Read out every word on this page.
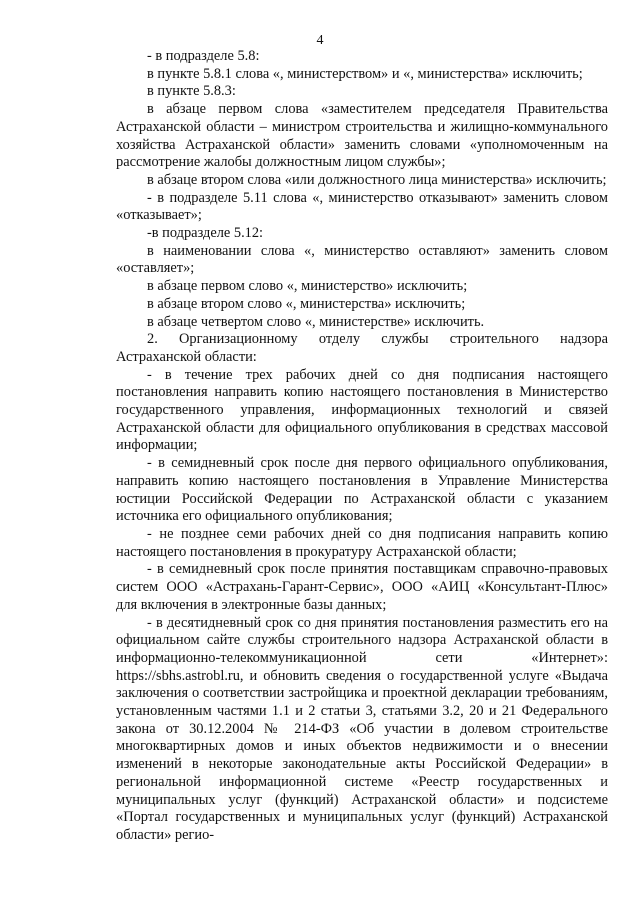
4

- в подразделе 5.8:

в пункте 5.8.1 слова «, министерством» и «, министерства» исключить;

в пункте 5.8.3:

в абзаце первом слова «заместителем председателя Правительства Астраханской области – министром строительства и жилищно-коммунального хозяйства Астраханской области» заменить словами «уполномоченным на рассмотрение жалобы должностным лицом службы»;

в абзаце втором слова «или должностного лица министерства» исключить;

- в подразделе 5.11 слова «, министерство отказывают» заменить словом «отказывает»;

-в подразделе 5.12:

в наименовании слова «, министерство оставляют» заменить словом «оставляет»;

в абзаце первом слово «, министерство» исключить;

в абзаце втором слово «, министерства» исключить;

в абзаце четвертом слово «, министерстве» исключить.

2. Организационному отделу службы строительного надзора Астраханской области:

- в течение трех рабочих дней со дня подписания настоящего постановления направить копию настоящего постановления в Министерство государственного управления, информационных технологий и связей Астраханской области для официального опубликования в средствах массовой информации;

- в семидневный срок после дня первого официального опубликования, направить копию настоящего постановления в Управление Министерства юстиции Российской Федерации по Астраханской области с указанием источника его официального опубликования;

- не позднее семи рабочих дней со дня подписания направить копию настоящего постановления в прокуратуру Астраханской области;

- в семидневный срок после принятия поставщикам справочно-правовых систем ООО «Астрахань-Гарант-Сервис», ООО «АИЦ «Консультант-Плюс» для включения в электронные базы данных;

- в десятидневный срок со дня принятия постановления разместить его на официальном сайте службы строительного надзора Астраханской области в информационно-телекоммуникационной сети «Интернет»: https://sbhs.astrobl.ru, и обновить сведения о государственной услуге «Выдача заключения о соответствии застройщика и проектной декларации требованиям, установленным частями 1.1 и 2 статьи 3, статьями 3.2, 20 и 21 Федерального закона от 30.12.2004 № 214-ФЗ «Об участии в долевом строительстве многоквартирных домов и иных объектов недвижимости и о внесении изменений в некоторые законодательные акты Российской Федерации» в региональной информационной системе «Реестр государственных и муниципальных услуг (функций) Астраханской области» и подсистеме «Портал государственных и муниципальных услуг (функций) Астраханской области» регио-
